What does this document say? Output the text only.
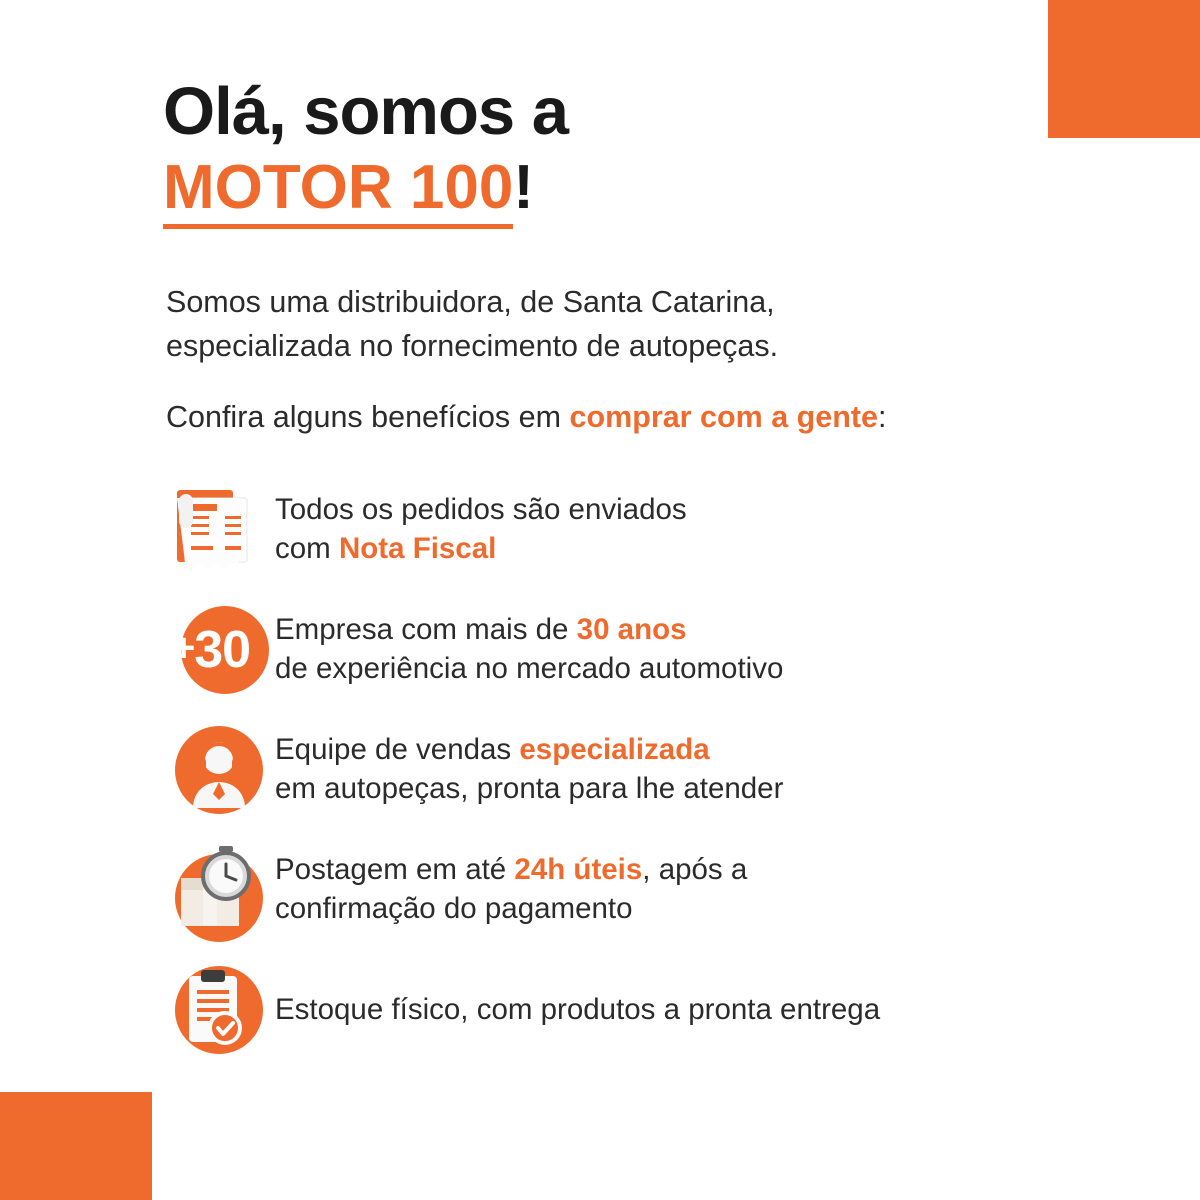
Olá, somos a
MOTOR 100!
Somos uma distribuidora, de Santa Catarina,
especializada no fornecimento de autopeças.
Confira alguns benefícios em comprar com a gente:
Todos os pedidos são enviados
com Nota Fiscal
+30 Empresa com mais de 30 anos
de experiência no mercado automotivo
Equipe de vendas especializada
em autopeças, pronta para lhe atender
Postagem em até 24h úteis, após a
confirmação do pagamento
Estoque físico, com produtos a pronta entrega
